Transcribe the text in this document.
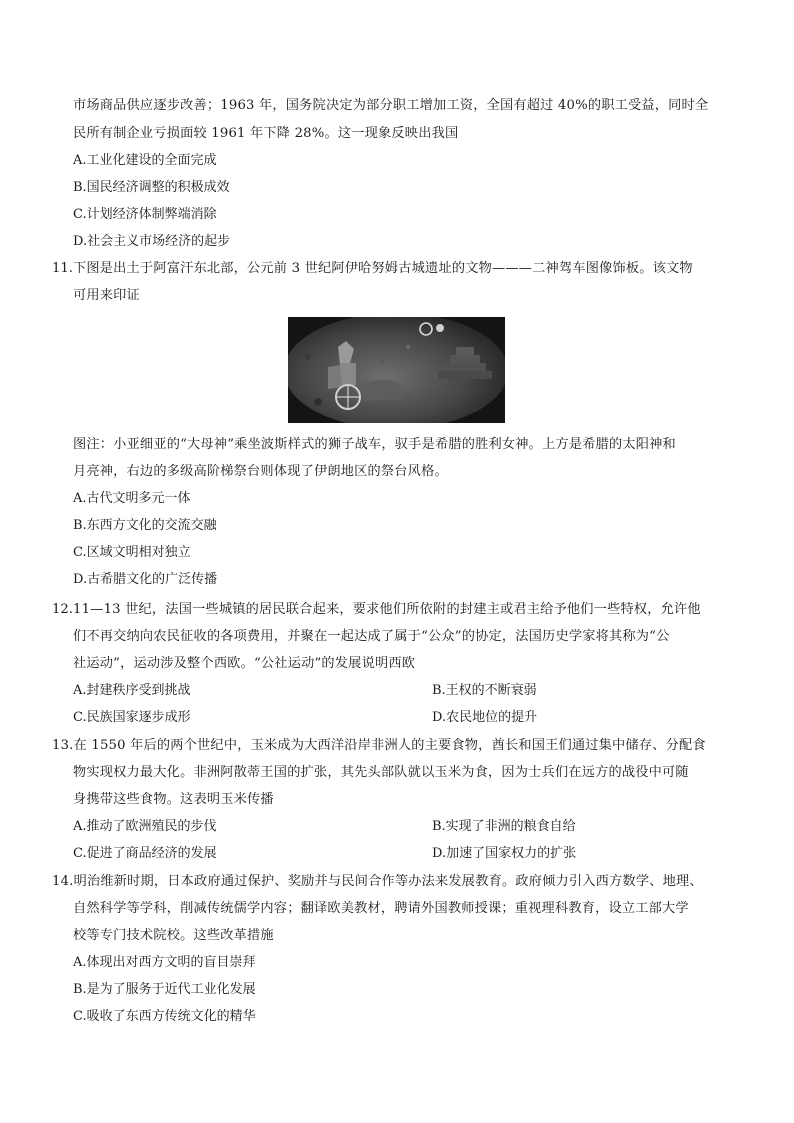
市场商品供应逐步改善；1963 年，国务院决定为部分职工增加工资，全国有超过 40%的职工受益，同时全
民所有制企业亏损面较 1961 年下降 28%。这一现象反映出我国
A.工业化建设的全面完成
B.国民经济调整的积极成效
C.计划经济体制弊端消除
D.社会主义市场经济的起步
11. 下图是出土于阿富汗东北部，公元前 3 世纪阿伊哈努姆古城遗址的文物———二神驾车图像饰板。该文物
可用来印证
图注：小亚细亚的“大母神”乘坐波斯样式的狮子战车，驭手是希腊的胜利女神。上方是希腊的太阳神和
月亮神，右边的多级高阶梯祭台则体现了伊朗地区的祭台风格。
A.古代文明多元一体
B.东西方文化的交流交融
C.区域文明相对独立
D.古希腊文化的广泛传播
12. 11—13 世纪，法国一些城镇的居民联合起来，要求他们所依附的封建主或君主给予他们一些特权，允许他
们不再交纳向农民征收的各项费用，并聚在一起达成了属于“公众”的协定，法国历史学家将其称为“公
社运动”，运动涉及整个西欧。“公社运动”的发展说明西欧
A.封建秩序受到挑战	B.王权的不断衰弱
C.民族国家逐步成形	D.农民地位的提升
13.在 1550 年后的两个世纪中，玉米成为大西洋沿岸非洲人的主要食物，酋长和国王们通过集中储存、分配食
物实现权力最大化。非洲阿散蒂王国的扩张，其先头部队就以玉米为食，因为士兵们在远方的战役中可随
身携带这些食物。这表明玉米传播
A.推动了欧洲殖民的步伐	B.实现了非洲的粮食自给
C.促进了商品经济的发展	D.加速了国家权力的扩张
14.明治维新时期，日本政府通过保护、奖励并与民间合作等办法来发展教育。政府倾力引入西方数学、地理、
自然科学等学科，削减传统儒学内容；翻译欧美教材，聘请外国教师授课；重视理科教育，设立工部大学
校等专门技术院校。这些改革措施
A.体现出对西方文明的盲目崇拜
B.是为了服务于近代工业化发展
C.吸收了东西方传统文化的精华
